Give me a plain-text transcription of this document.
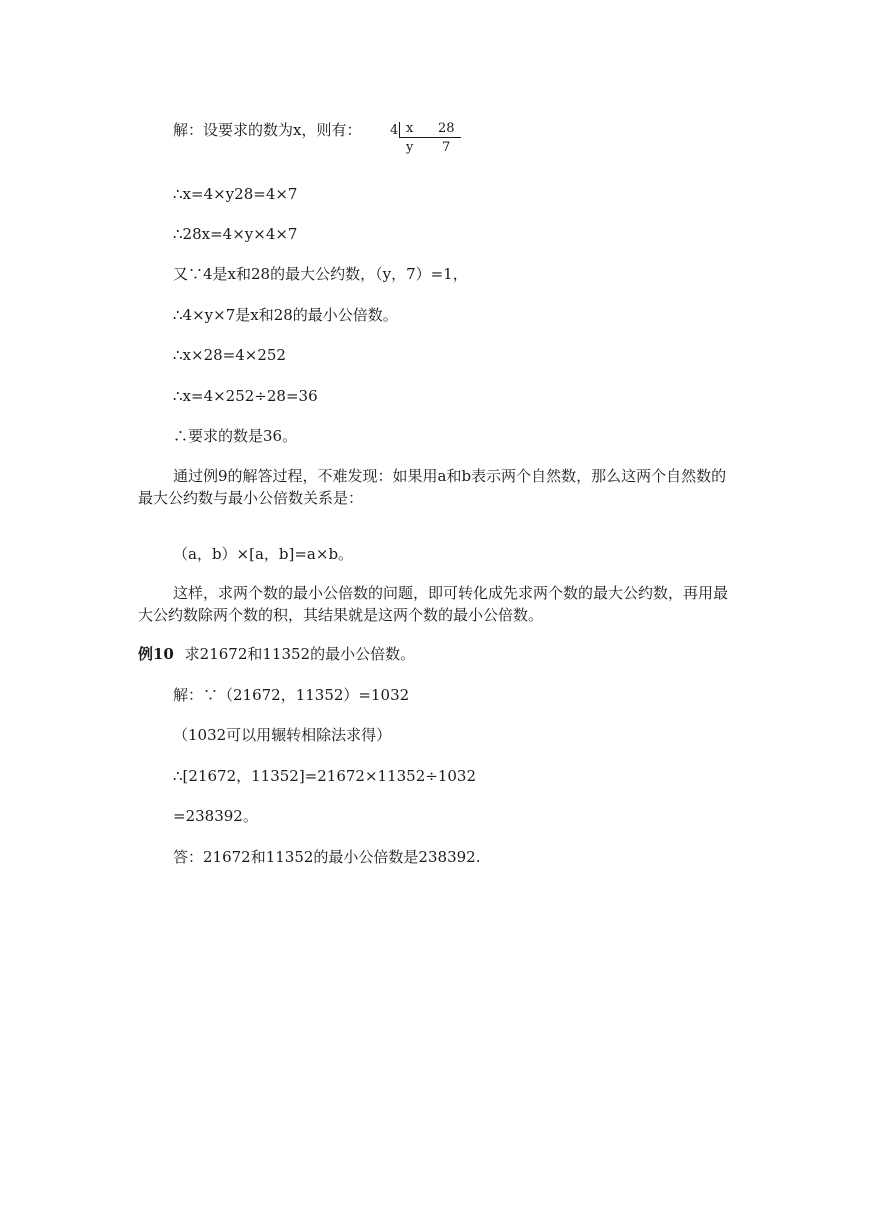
解：设要求的数为x，则有： 4 x 28
y 7
∴x=4×y28=4×7
∴28x=4×y×4×7
又∵4是x和28的最大公约数，（y，7）=1，
∴4×y×7是x和28的最小公倍数。
∴x×28=4×252
∴x=4×252÷28=36
∴要求的数是36。
通过例9的解答过程，不难发现：如果用a和b表示两个自然数，那么这两个自然数的最大公约数与最小公倍数关系是：
（a，b）×[a，b]=a×b。
这样，求两个数的最小公倍数的问题，即可转化成先求两个数的最大公约数，再用最大公约数除两个数的积，其结果就是这两个数的最小公倍数。
例10 求21672和11352的最小公倍数。
解：∵（21672，11352）=1032
（1032可以用辗转相除法求得）
∴[21672，11352]=21672×11352÷1032
=238392。
答：21672和11352的最小公倍数是238392.
